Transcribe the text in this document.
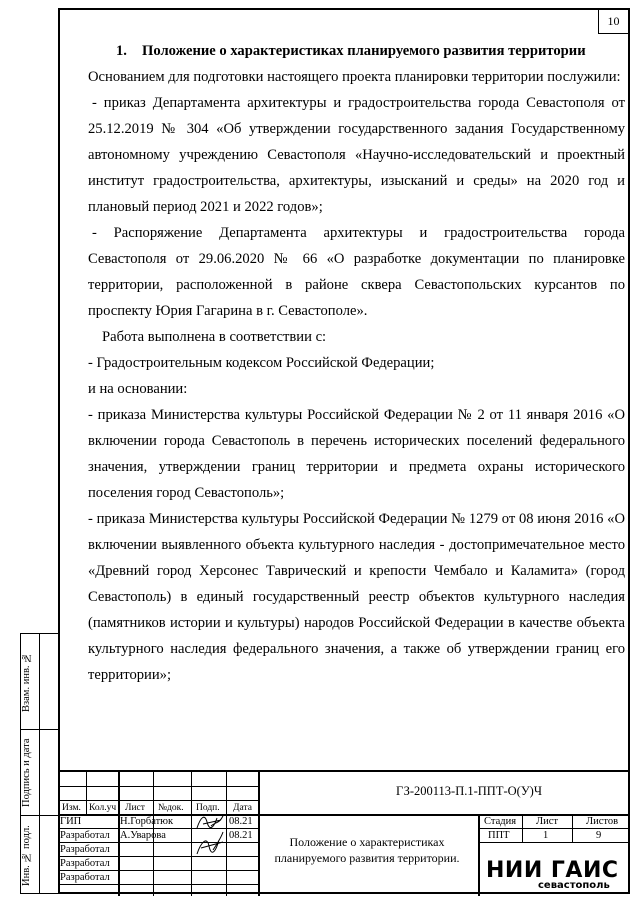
10

1. Положение о характеристиках планируемого развития территории

Основанием для подготовки настоящего проекта планировки территории послужили:

- приказ Департамента архитектуры и градостроительства города Севастополя от 25.12.2019 № 304 «Об утверждении государственного задания Государственному автономному учреждению Севастополя «Научно-исследовательский и проектный институт градостроительства, архитектуры, изысканий и среды» на 2020 год и плановый период 2021 и 2022 годов»;

- Распоряжение Департамента архитектуры и градостроительства города Севастополя от 29.06.2020 № 66 «О разработке документации по планировке территории, расположенной в районе сквера Севастопольских курсантов по проспекту Юрия Гагарина в г. Севастополе».

Работа выполнена в соответствии с:

- Градостроительным кодексом Российской Федерации;

и на основании:

- приказа Министерства культуры Российской Федерации № 2 от 11 января 2016 «О включении города Севастополь в перечень исторических поселений федерального значения, утверждении границ территории и предмета охраны исторического поселения город Севастополь»;

- приказа Министерства культуры Российской Федерации № 1279 от 08 июня 2016 «О включении выявленного объекта культурного наследия - достопримечательное место «Древний город Херсонес Таврический и крепости Чембало и Каламита» (город Севастополь) в единый государственный реестр объектов культурного наследия (памятников истории и культуры) народов Российской Федерации в качестве объекта культурного наследия федерального значения, а также об утверждении границ его территории»;

Взам. инв. №
Подпись и дата
Инв. № подл.
ГЗ-200113-П.1-ППТ-О(У)Ч
Изм. Кол.уч Лист №док. Подп. Дата
ГИП	Н.Горбатюк	08.21
Разработал А.Уварова	08.21
Разработал
Разработал
Разработал
Положение о характеристиках планируемого развития территории.
Стадия Лист	Листов
ППТ	1	9
НИИ ГАИС
севастополь
